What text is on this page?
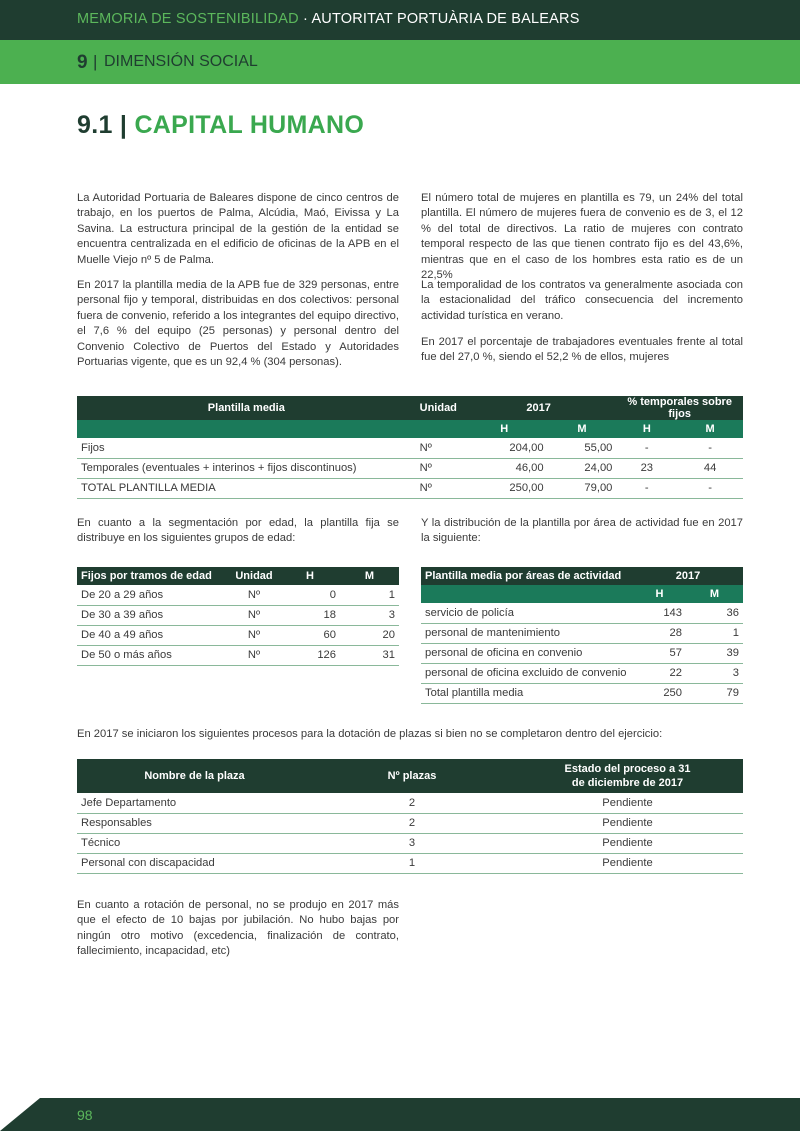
MEMORIA DE SOSTENIBILIDAD · AUTORITAT PORTUÀRIA DE BALEARS
9 | DIMENSIÓN SOCIAL
9.1 | CAPITAL HUMANO

La Autoridad Portuaria de Baleares dispone de cinco centros de trabajo, en los puertos de Palma, Alcúdia, Maó, Eivissa y La Savina. La estructura principal de la gestión de la entidad se encuentra centralizada en el edificio de oficinas de la APB en el Muelle Viejo nº 5 de Palma.

En 2017 la plantilla media de la APB fue de 329 personas, entre personal fijo y temporal, distribuidas en dos colectivos: personal fuera de convenio, referido a los integrantes del equipo directivo, el 7,6 % del equipo (25 personas) y personal dentro del Convenio Colectivo de Puertos del Estado y Autoridades Portuarias vigente, que es un 92,4 % (304 personas).

El número total de mujeres en plantilla es 79, un 24% del total plantilla. El número de mujeres fuera de convenio es de 3, el 12 % del total de directivos. La ratio de mujeres con contrato temporal respecto de las que tienen contrato fijo es del 43,6%, mientras que en el caso de los hombres esta ratio es de un 22,5%

La temporalidad de los contratos va generalmente asociada con la estacionalidad del tráfico consecuencia del incremento actividad turística en verano.

En 2017 el porcentaje de trabajadores eventuales frente al total fue del 27,0 %, siendo el 52,2 % de ellos, mujeres

Plantilla media	Unidad	2017		% temporales sobre fijos	
		H	M	H	M
Fijos	Nº	204,00	55,00	-	-
Temporales (eventuales + interinos + fijos discontinuos)	Nº	46,00	24,00	23	44
TOTAL PLANTILLA MEDIA	Nº	250,00	79,00	-	-

En cuanto a la segmentación por edad, la plantilla fija se distribuye en los siguientes grupos de edad:

Y la distribución de la plantilla por área de actividad fue en 2017 la siguiente:

Fijos por tramos de edad	Unidad	H	M
De 20 a 29 años	Nº	0	1
De 30 a 39 años	Nº	18	3
De 40 a 49 años	Nº	60	20
De 50 o más años	Nº	126	31
Plantilla media por áreas de actividad	2017	
	H	M
servicio de policía	143	36
personal de mantenimiento	28	1
personal de oficina en convenio	57	39
personal de oficina excluido de convenio	22	3
Total plantilla media	250	79

En 2017 se iniciaron los siguientes procesos para la dotación de plazas si bien no se completaron dentro del ejercicio:

Nombre de la plaza	Nº plazas	Estado del proceso a 31
de diciembre de 2017
Jefe Departamento	2	Pendiente
Responsables	2	Pendiente
Técnico	3	Pendiente
Personal con discapacidad	1	Pendiente

En cuanto a rotación de personal, no se produjo en 2017 más que el efecto de 10 bajas por jubilación. No hubo bajas por ningún otro motivo (excedencia, finalización de contrato, fallecimiento, incapacidad, etc)

98
